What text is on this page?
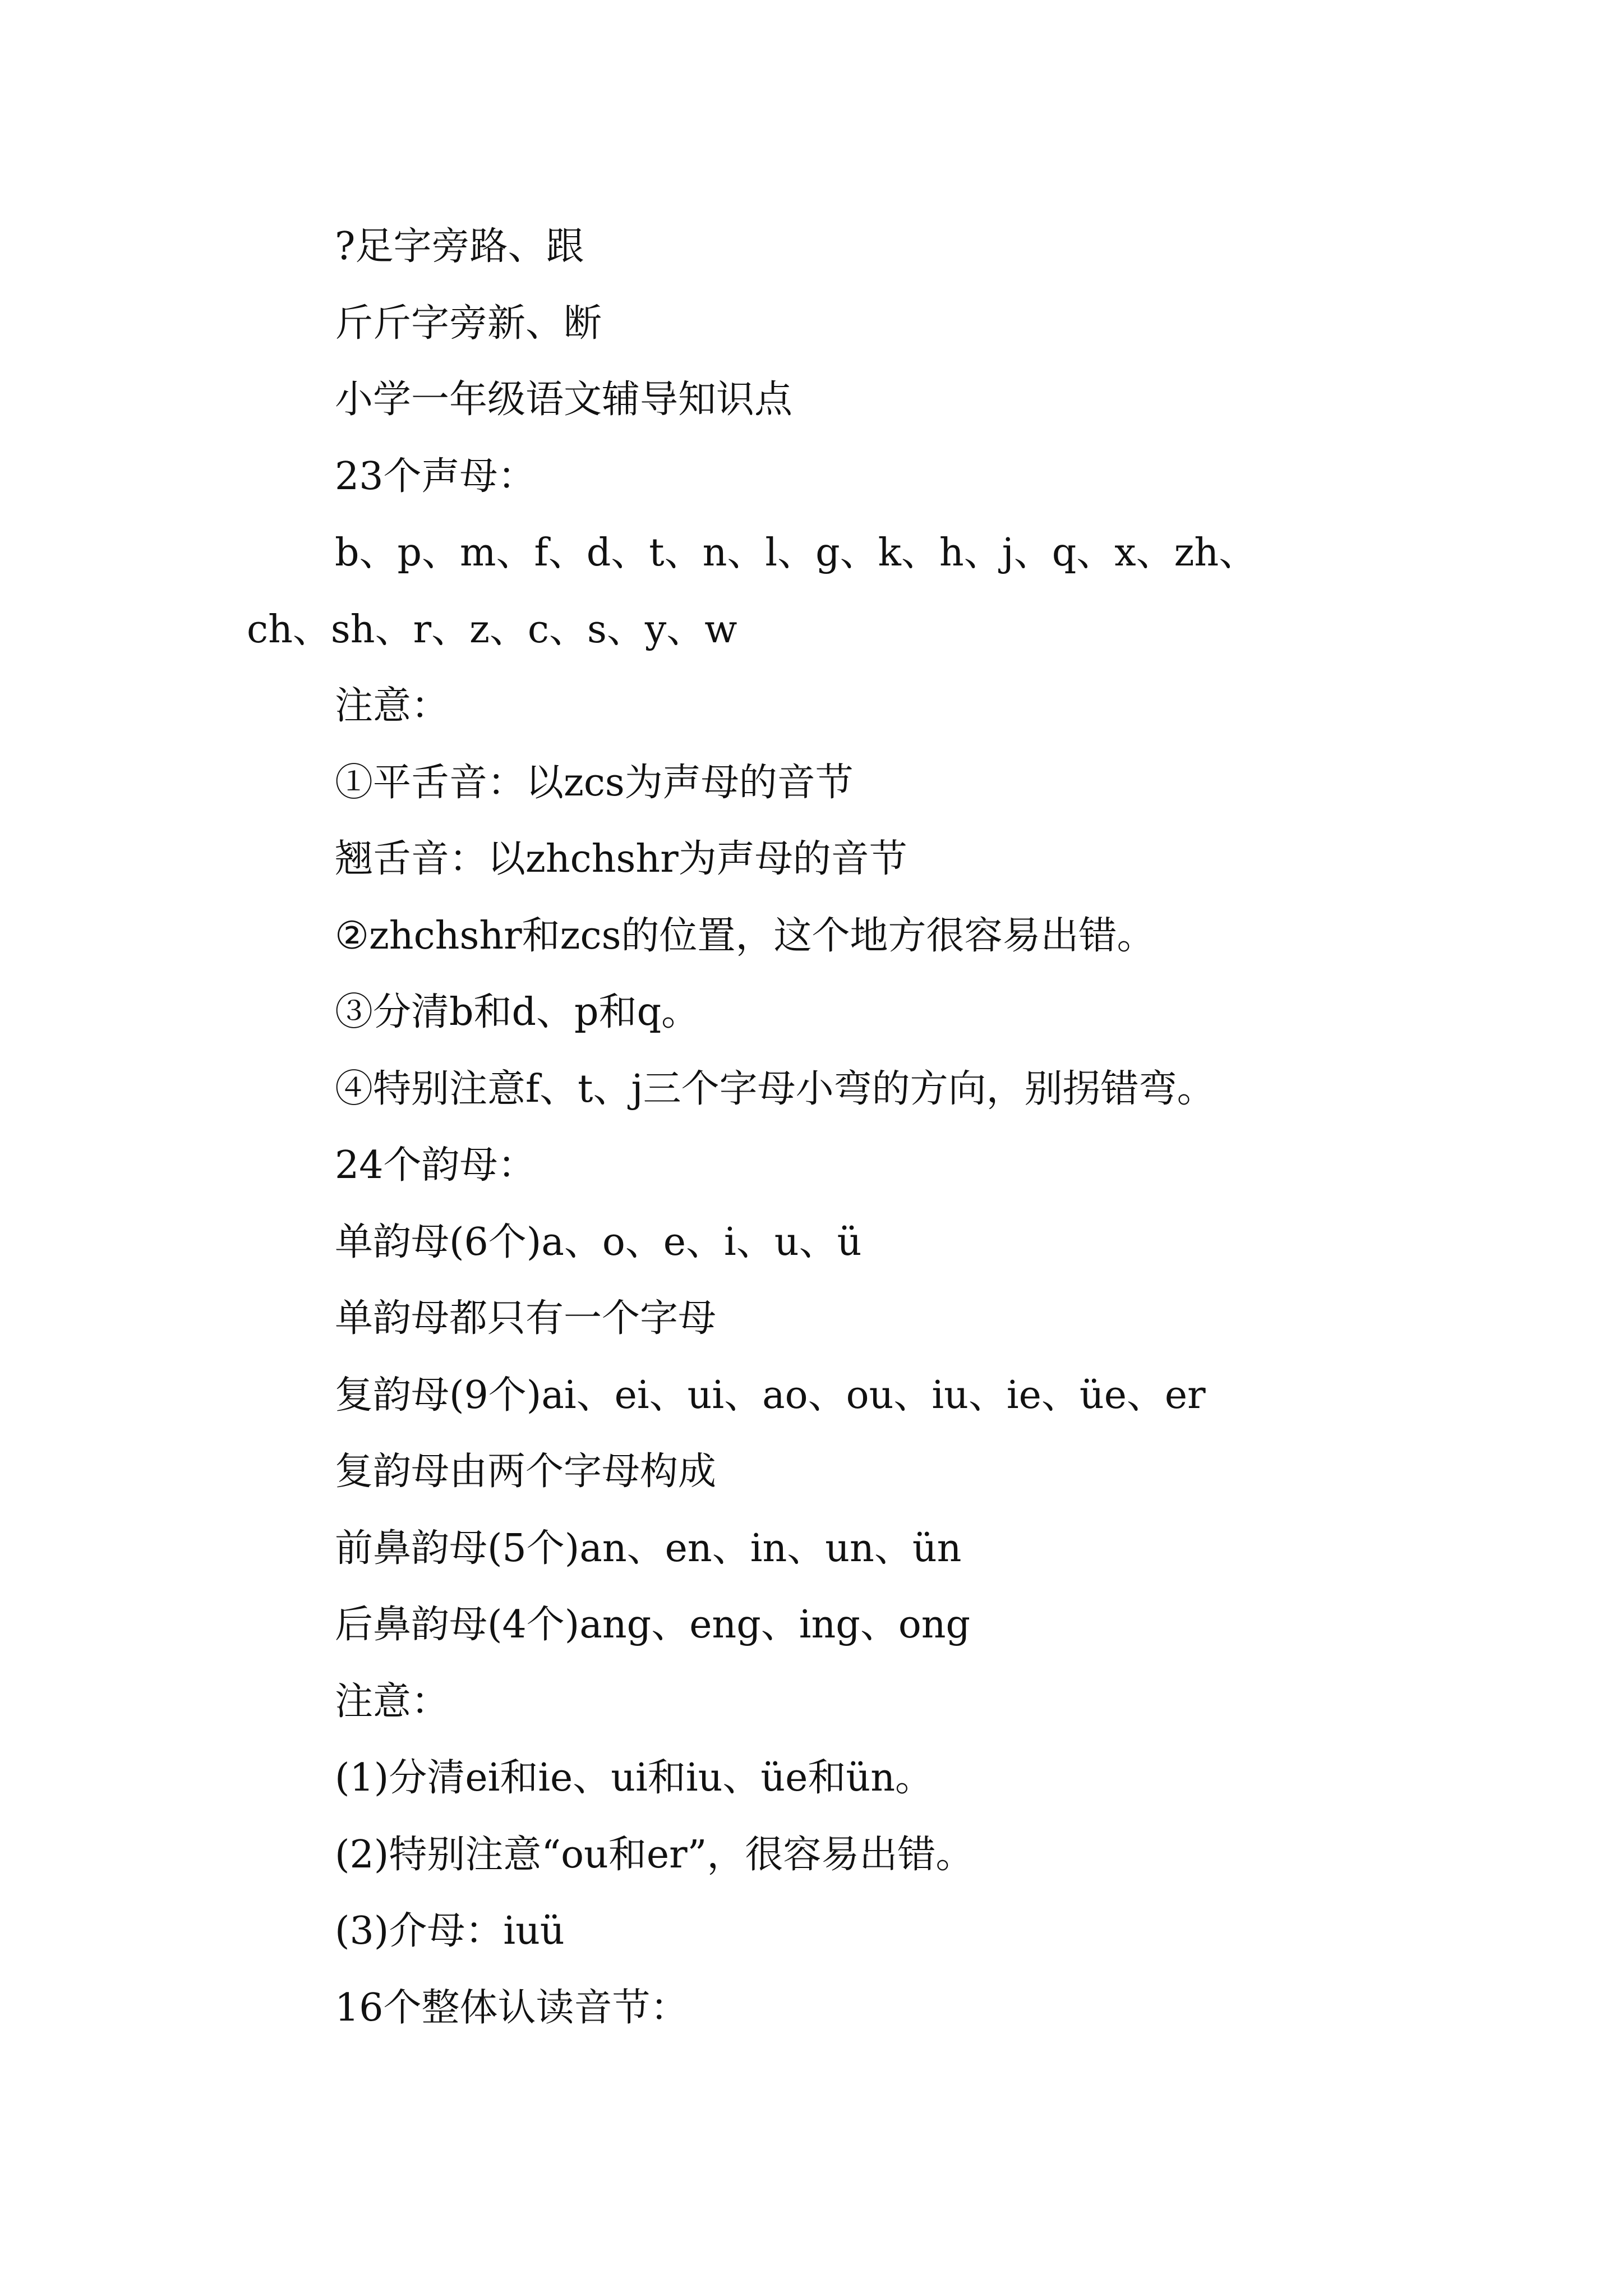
?足字旁路、跟
斤斤字旁新、断
小学一年级语文辅导知识点
23个声母：
b、p、m、f、d、t、n、l、g、k、h、j、q、x、zh、
ch、sh、r、z、c、s、y、w
注意：
①平舌音：以zcs为声母的音节
翘舌音：以zhchshr为声母的音节
②zhchshr和zcs的位置，这个地方很容易出错。
③分清b和d、p和q。
④特别注意f、t、j三个字母小弯的方向，别拐错弯。
24个韵母：
单韵母(6个)a、o、e、i、u、ü
单韵母都只有一个字母
复韵母(9个)ai、ei、ui、ao、ou、iu、ie、üe、er
复韵母由两个字母构成
前鼻韵母(5个)an、en、in、un、ün
后鼻韵母(4个)ang、eng、ing、ong
注意：
(1)分清ei和ie、ui和iu、üe和ün。
(2)特别注意“ou和er”，很容易出错。
(3)介母：iuü
16个整体认读音节：
